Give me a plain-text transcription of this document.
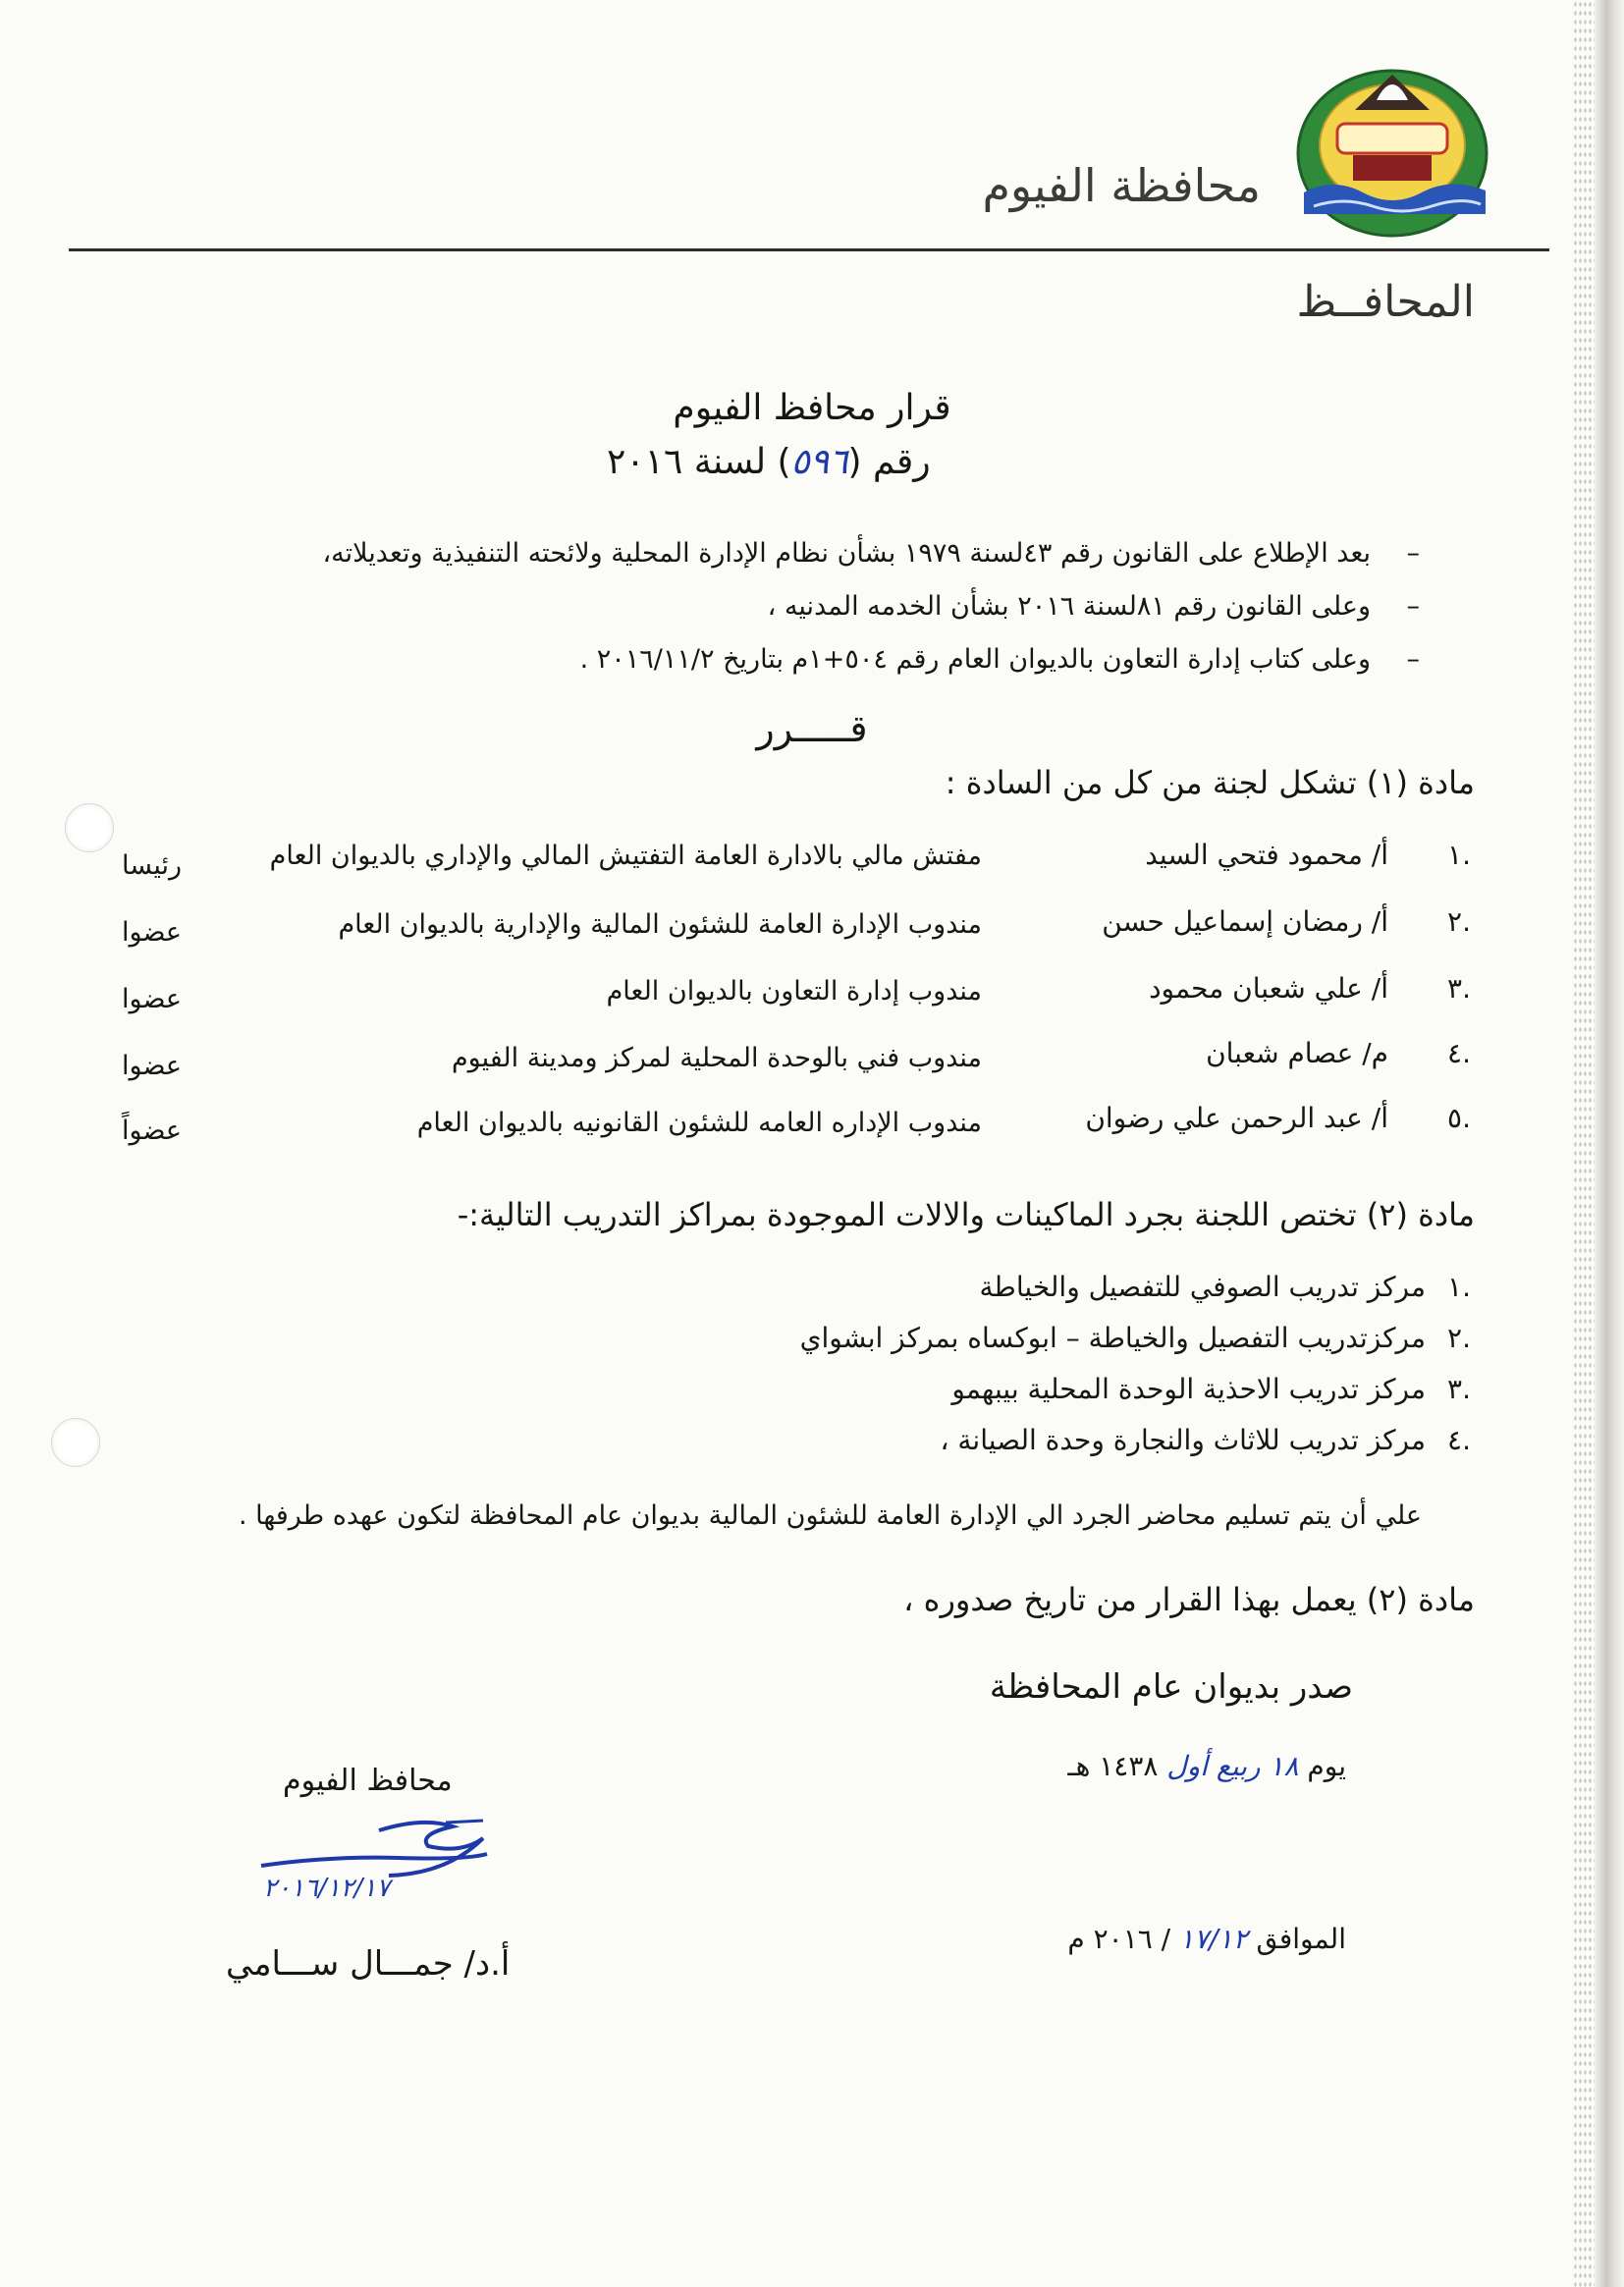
محافظة الفيوم
المحافــظ
قرار محافظ الفيوم
رقم (٥٩٦) لسنة ٢٠١٦
–بعد الإطلاع على القانون رقم ٤٣لسنة ١٩٧٩ بشأن نظام الإدارة المحلية ولائحته التنفيذية وتعديلاته،
–وعلى القانون رقم ٨١لسنة ٢٠١٦ بشأن الخدمه المدنيه ،
–وعلى كتاب إدارة التعاون بالديوان العام رقم ٥٠٤+١م بتاريخ ٢٠١٦/١١/٢ .
قـــــرر
مادة (١) تشكل لجنة من كل من السادة :
.١
أ/ محمود فتحي السيد
مفتش مالي بالادارة العامة التفتيش المالي والإداري بالديوان العام
رئيسا
.٢
أ/ رمضان إسماعيل حسن
مندوب الإدارة العامة للشئون المالية والإدارية بالديوان العام
عضوا
.٣
أ/ علي شعبان محمود
مندوب إدارة التعاون بالديوان العام
عضوا
.٤
م/ عصام شعبان
مندوب فني بالوحدة المحلية لمركز ومدينة الفيوم
عضوا
.٥
أ/ عبد الرحمن علي رضوان
مندوب الإداره العامه للشئون القانونيه بالديوان العام
عضواً
مادة (٢) تختص اللجنة بجرد الماكينات والالات الموجودة بمراكز التدريب التالية:-
.١مركز تدريب الصوفي للتفصيل والخياطة
.٢مركزتدريب التفصيل والخياطة – ابوكساه بمركز ابشواي
.٣مركز تدريب الاحذية الوحدة المحلية بيبهمو
.٤مركز تدريب للاثاث والنجارة وحدة الصيانة ،
علي أن يتم تسليم محاضر الجرد الي الإدارة العامة للشئون المالية بديوان عام المحافظة لتكون عهده طرفها .
مادة (٢) يعمل بهذا القرار من تاريخ صدوره ،
صدر بديوان عام المحافظة
يوم ١٨ ربيع أول ١٤٣٨ هـ
الموافق ١٧/١٢ / ٢٠١٦ م
محافظ الفيوم
٢٠١٦/١٢/١٧
أ.د/ جمـــال ســـامي
